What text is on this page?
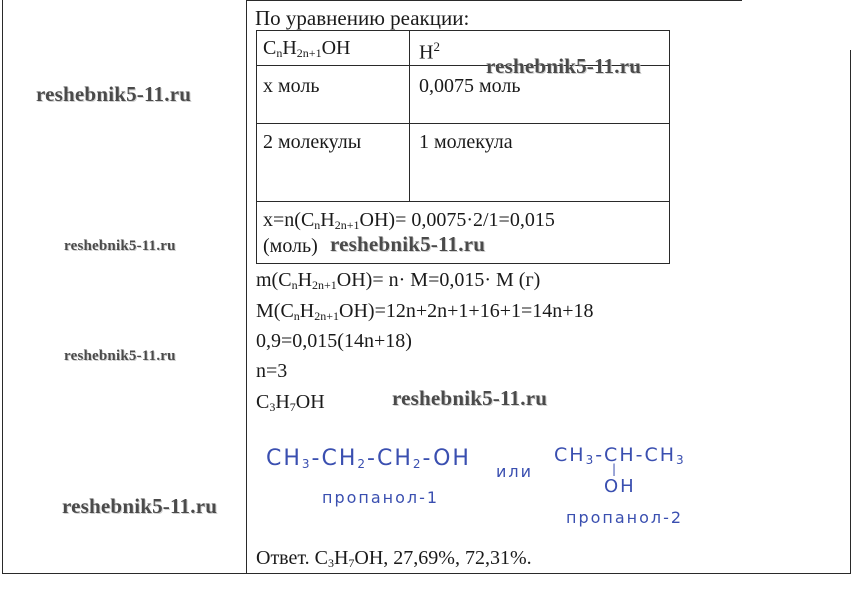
По уравнению реакции:
$C_nH_{2n+1}OH$	$H^2$
x моль	0,0075 моль
2 молекулы	1 молекула
$x=n(C_nH_{2n+1}OH)= 0,0075\cdot 2/1=0,015$
(моль)
$m(C_nH_{2n+1}OH)= n\cdot M=0,015\cdot M$ (г)
$M(C_nH_{2n+1}OH)=12n+2n+1+16+1=14n+18$
0,9=0,015(14n+18)
n=3
$C_3H_7OH$
$CH_3-CH_2-CH_2-OH$
или
$CH_3-CH-CH_3$
|
OH
пропанол-1
пропанол-2
Ответ. $C_3H_7OH$, 27,69%, 72,31%.
reshebnik5-11.ru
reshebnik5-11.ru
reshebnik5-11.ru	reshebnik5-11.ru
reshebnik5-11.ru
reshebnik5-11.ru
reshebnik5-11.ru
